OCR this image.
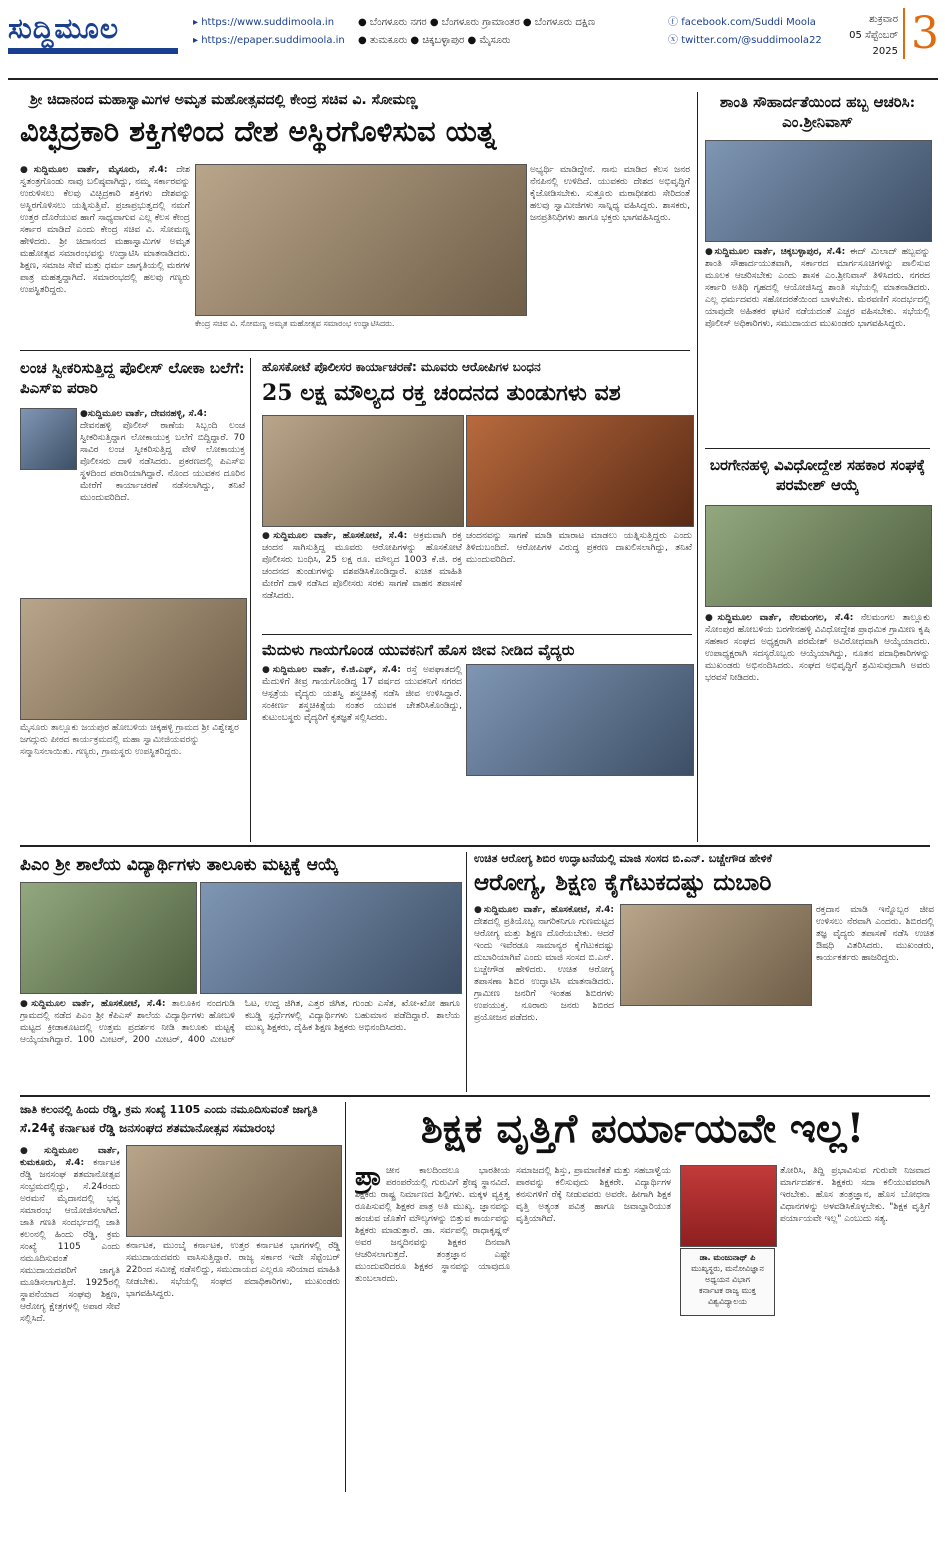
ಸುದ್ದಿಮೂಲ	▸ https://www.suddimoola.in
▸ https://epaper.suddimoola.in
● ಬೆಂಗಳೂರು ನಗರ ● ಬೆಂಗಳೂರು ಗ್ರಾಮಾಂತರ ● ಬೆಂಗಳೂರು ದಕ್ಷಿಣ
● ತುಮಕೂರು ● ಚಿಕ್ಕಬಳ್ಳಾಪುರ ● ಮೈಸೂರು
ⓕ facebook.com/Suddi Moola
ⓧ twitter.com/@suddimoola22
ಶುಕ್ರವಾರ
05 ಸೆಪ್ಟೆಂಬರ್ 2025 3
ಶ್ರೀ ಚಿದಾನಂದ ಮಹಾಸ್ವಾಮಿಗಳ ಅಮೃತ ಮಹೋತ್ಸವದಲ್ಲಿ ಕೇಂದ್ರ ಸಚಿವ ವಿ. ಸೋಮಣ್ಣ
ವಿಚ್ಛಿದ್ರಕಾರಿ ಶಕ್ತಿಗಳಿಂದ ದೇಶ ಅಸ್ಥಿರಗೊಳಿಸುವ ಯತ್ನ
●ಸುದ್ದಿಮೂಲ ವಾರ್ತೆ, ಮೈಸೂರು, ಸೆ.4: ದೇಶ ಸ್ವತಂತ್ರಗೊಂಡು ನಾವು ಬಲಿಷ್ಠವಾಗಿದ್ದು, ನಮ್ಮ ಸರ್ಕಾರವನ್ನು ಉರುಳಿಸಲು ಕೆಲವು ವಿಚ್ಛಿದ್ರಕಾರಿ ಶಕ್ತಿಗಳು ದೇಶವನ್ನು ಅಸ್ಥಿರಗೊಳಿಸಲು ಯತ್ನಿಸುತ್ತಿವೆ. ಪ್ರಜಾಪ್ರಭುತ್ವದಲ್ಲಿ ನಮಗೆ ಉತ್ತರ ದೊರೆಯುವ ಹಾಗೆ ಸಾಧ್ಯವಾಗುವ ಎಲ್ಲ ಕೆಲಸ ಕೇಂದ್ರ ಸರ್ಕಾರ ಮಾಡಿದೆ ಎಂದು ಕೇಂದ್ರ ಸಚಿವ ವಿ. ಸೋಮಣ್ಣ ಹೇಳಿದರು. ಶ್ರೀ ಚಿದಾನಂದ ಮಹಾಸ್ವಾಮಿಗಳ ಅಮೃತ ಮಹೋತ್ಸವ ಸಮಾರಂಭವನ್ನು ಉದ್ಘಾಟಿಸಿ ಮಾತನಾಡಿದರು. ಶಿಕ್ಷಣ, ಸಮಾಜ ಸೇವೆ ಮತ್ತು ಧರ್ಮ ಜಾಗೃತಿಯಲ್ಲಿ ಮಠಗಳ ಪಾತ್ರ ಮಹತ್ವದ್ದಾಗಿದೆ. ಸಮಾರಂಭದಲ್ಲಿ ಹಲವು ಗಣ್ಯರು ಉಪಸ್ಥಿತರಿದ್ದರು.
ಕೇಂದ್ರ ಸಚಿವ ವಿ. ಸೋಮಣ್ಣ ಅಮೃತ ಮಹೋತ್ಸವ ಸಮಾರಂಭ ಉದ್ಘಾಟಿಸಿದರು.
ಅಭ್ಯರ್ಥಿ ಮಾಡಿದ್ದೇನೆ. ನಾನು ಮಾಡಿದ ಕೆಲಸ ಜನರ ನೆನಪಿನಲ್ಲಿ ಉಳಿದಿದೆ. ಯುವಕರು ದೇಶದ ಅಭಿವೃದ್ಧಿಗೆ ಕೈಜೋಡಿಸಬೇಕು. ಸುತ್ತೂರು ಮಠಾಧೀಶರು ಸೇರಿದಂತೆ ಹಲವು ಸ್ವಾಮೀಜಿಗಳು ಸಾನ್ನಿಧ್ಯ ವಹಿಸಿದ್ದರು. ಶಾಸಕರು, ಜನಪ್ರತಿನಿಧಿಗಳು ಹಾಗೂ ಭಕ್ತರು ಭಾಗವಹಿಸಿದ್ದರು.
ಶಾಂತಿ ಸೌಹಾರ್ದತೆಯಿಂದ ಹಬ್ಬ ಆಚರಿಸಿ: ಎಂ.ಶ್ರೀನಿವಾಸ್
●ಸುದ್ದಿಮೂಲ ವಾರ್ತೆ, ಚಿಕ್ಕಬಳ್ಳಾಪುರ, ಸೆ.4: ಈದ್ ಮಿಲಾದ್ ಹಬ್ಬವನ್ನು ಶಾಂತಿ ಸೌಹಾರ್ದಯುತವಾಗಿ, ಸರ್ಕಾರದ ಮಾರ್ಗಸೂಚಿಗಳನ್ನು ಪಾಲಿಸುವ ಮೂಲಕ ಆಚರಿಸಬೇಕು ಎಂದು ಶಾಸಕ ಎಂ.ಶ್ರೀನಿವಾಸ್ ತಿಳಿಸಿದರು. ನಗರದ ಸರ್ಕಾರಿ ಅತಿಥಿ ಗೃಹದಲ್ಲಿ ಆಯೋಜಿಸಿದ್ದ ಶಾಂತಿ ಸಭೆಯಲ್ಲಿ ಮಾತನಾಡಿದರು. ಎಲ್ಲ ಧರ್ಮದವರು ಸಹೋದರತೆಯಿಂದ ಬಾಳಬೇಕು. ಮೆರವಣಿಗೆ ಸಂದರ್ಭದಲ್ಲಿ ಯಾವುದೇ ಅಹಿತಕರ ಘಟನೆ ನಡೆಯದಂತೆ ಎಚ್ಚರ ವಹಿಸಬೇಕು. ಸಭೆಯಲ್ಲಿ ಪೊಲೀಸ್ ಅಧಿಕಾರಿಗಳು, ಸಮುದಾಯದ ಮುಖಂಡರು ಭಾಗವಹಿಸಿದ್ದರು.
ಬರಗೇನಹಳ್ಳಿ ವಿವಿಧೋದ್ದೇಶ ಸಹಕಾರ ಸಂಘಕ್ಕೆ ಪರಮೇಶ್ ಆಯ್ಕೆ
●ಸುದ್ದಿಮೂಲ ವಾರ್ತೆ, ನೆಲಮಂಗಲ, ಸೆ.4: ನೆಲಮಂಗಲ ತಾಲ್ಲೂಕು ಸೋಂಪುರ ಹೋಬಳಿಯ ಬರಗೇನಹಳ್ಳಿ ವಿವಿಧೋದ್ದೇಶ ಪ್ರಾಥಮಿಕ ಗ್ರಾಮೀಣ ಕೃಷಿ ಸಹಕಾರ ಸಂಘದ ಅಧ್ಯಕ್ಷರಾಗಿ ಪರಮೇಶ್ ಅವಿರೋಧವಾಗಿ ಆಯ್ಕೆಯಾದರು. ಉಪಾಧ್ಯಕ್ಷರಾಗಿ ಸದಸ್ಯರೊಬ್ಬರು ಆಯ್ಕೆಯಾಗಿದ್ದು, ನೂತನ ಪದಾಧಿಕಾರಿಗಳನ್ನು ಮುಖಂಡರು ಅಭಿನಂದಿಸಿದರು. ಸಂಘದ ಅಭಿವೃದ್ಧಿಗೆ ಶ್ರಮಿಸುವುದಾಗಿ ಅವರು ಭರವಸೆ ನೀಡಿದರು.
ಲಂಚ ಸ್ವೀಕರಿಸುತ್ತಿದ್ದ ಪೊಲೀಸ್ ಲೋಕಾ ಬಲೆಗೆ: ಪಿಎಸ್‌ಐ ಪರಾರಿ
●ಸುದ್ದಿಮೂಲ ವಾರ್ತೆ, ದೇವನಹಳ್ಳಿ, ಸೆ.4:
ದೇವನಹಳ್ಳಿ ಪೊಲೀಸ್ ಠಾಣೆಯ ಸಿಬ್ಬಂದಿ ಲಂಚ ಸ್ವೀಕರಿಸುತ್ತಿದ್ದಾಗ ಲೋಕಾಯುಕ್ತ ಬಲೆಗೆ ಬಿದ್ದಿದ್ದಾರೆ. 70 ಸಾವಿರ ಲಂಚ ಸ್ವೀಕರಿಸುತ್ತಿದ್ದ ವೇಳೆ ಲೋಕಾಯುಕ್ತ ಪೊಲೀಸರು ದಾಳಿ ನಡೆಸಿದರು. ಪ್ರಕರಣದಲ್ಲಿ ಪಿಎಸ್‌ಐ ಸ್ಥಳದಿಂದ ಪರಾರಿಯಾಗಿದ್ದಾರೆ. ನೊಂದ ಯುವಕನ ದೂರಿನ ಮೇರೆಗೆ ಕಾರ್ಯಾಚರಣೆ ನಡೆಸಲಾಗಿದ್ದು, ತನಿಖೆ ಮುಂದುವರಿದಿದೆ.
ಮೈಸೂರು ತಾಲ್ಲೂಕು ಜಯಪುರ ಹೋಬಳಿಯ ಚಿಕ್ಕಹಳ್ಳಿ ಗ್ರಾಮದ ಶ್ರೀ ವಿಶ್ವೇಶ್ವರ ಜಗದ್ಗುರು ಪೀಠದ ಕಾರ್ಯಕ್ರಮದಲ್ಲಿ ಮಹಾ ಸ್ವಾಮೀಜಿಯವರನ್ನು ಸನ್ಮಾನಿಸಲಾಯಿತು. ಗಣ್ಯರು, ಗ್ರಾಮಸ್ಥರು ಉಪಸ್ಥಿತರಿದ್ದರು.
ಹೊಸಕೋಟೆ ಪೊಲೀಸರ ಕಾರ್ಯಾಚರಣೆ: ಮೂವರು ಆರೋಪಿಗಳ ಬಂಧನ
25 ಲಕ್ಷ ಮೌಲ್ಯದ ರಕ್ತ ಚಂದನದ ತುಂಡುಗಳು ವಶ
●ಸುದ್ದಿಮೂಲ ವಾರ್ತೆ, ಹೊಸಕೋಟೆ, ಸೆ.4: ಅಕ್ರಮವಾಗಿ ರಕ್ತ ಚಂದನ ಸಾಗಿಸುತ್ತಿದ್ದ ಮೂವರು ಆರೋಪಿಗಳನ್ನು ಹೊಸಕೋಟೆ ಪೊಲೀಸರು ಬಂಧಿಸಿ, 25 ಲಕ್ಷ ರೂ. ಮೌಲ್ಯದ 1003 ಕೆ.ಜಿ. ರಕ್ತ ಚಂದನದ ತುಂಡುಗಳನ್ನು ವಶಪಡಿಸಿಕೊಂಡಿದ್ದಾರೆ. ಖಚಿತ ಮಾಹಿತಿ ಮೇರೆಗೆ ದಾಳಿ ನಡೆಸಿದ ಪೊಲೀಸರು ಸರಕು ಸಾಗಣೆ ವಾಹನ ತಪಾಸಣೆ ನಡೆಸಿದರು.
ಚಂದನವನ್ನು ಸಾಗಣೆ ಮಾಡಿ ಮಾರಾಟ ಮಾಡಲು ಯತ್ನಿಸುತ್ತಿದ್ದರು ಎಂದು ತಿಳಿದುಬಂದಿದೆ. ಆರೋಪಿಗಳ ವಿರುದ್ಧ ಪ್ರಕರಣ ದಾಖಲಿಸಲಾಗಿದ್ದು, ತನಿಖೆ ಮುಂದುವರಿದಿದೆ.
ಮೆದುಳು ಗಾಯಗೊಂಡ ಯುವಕನಿಗೆ ಹೊಸ ಜೀವ ನೀಡಿದ ವೈದ್ಯರು
●ಸುದ್ದಿಮೂಲ ವಾರ್ತೆ, ಕೆ.ಜಿ.ಎಫ್, ಸೆ.4: ರಸ್ತೆ ಅಪಘಾತದಲ್ಲಿ ಮೆದುಳಿಗೆ ತೀವ್ರ ಗಾಯಗೊಂಡಿದ್ದ 17 ವರ್ಷದ ಯುವಕನಿಗೆ ನಗರದ ಆಸ್ಪತ್ರೆಯ ವೈದ್ಯರು ಯಶಸ್ವಿ ಶಸ್ತ್ರಚಿಕಿತ್ಸೆ ನಡೆಸಿ ಜೀವ ಉಳಿಸಿದ್ದಾರೆ. ಸಂಕೀರ್ಣ ಶಸ್ತ್ರಚಿಕಿತ್ಸೆಯ ನಂತರ ಯುವಕ ಚೇತರಿಸಿಕೊಂಡಿದ್ದು, ಕುಟುಂಬಸ್ಥರು ವೈದ್ಯರಿಗೆ ಕೃತಜ್ಞತೆ ಸಲ್ಲಿಸಿದರು.
ಪಿಎಂ ಶ್ರೀ ಶಾಲೆಯ ವಿದ್ಯಾರ್ಥಿಗಳು ತಾಲೂಕು ಮಟ್ಟಕ್ಕೆ ಆಯ್ಕೆ
●ಸುದ್ದಿಮೂಲ ವಾರ್ತೆ, ಹೊಸಕೋಟೆ, ಸೆ.4: ತಾಲೂಕಿನ ನಂದಗುಡಿ ಗ್ರಾಮದಲ್ಲಿ ನಡೆದ ಪಿಎಂ ಶ್ರೀ ಕೆಪಿಎಸ್ ಶಾಲೆಯ ವಿದ್ಯಾರ್ಥಿಗಳು ಹೋಬಳಿ ಮಟ್ಟದ ಕ್ರೀಡಾಕೂಟದಲ್ಲಿ ಉತ್ತಮ ಪ್ರದರ್ಶನ ನೀಡಿ ತಾಲೂಕು ಮಟ್ಟಕ್ಕೆ ಆಯ್ಕೆಯಾಗಿದ್ದಾರೆ. 100 ಮೀಟರ್, 200 ಮೀಟರ್, 400 ಮೀಟರ್ ಓಟ, ಉದ್ದ ಜಿಗಿತ, ಎತ್ತರ ಜಿಗಿತ, ಗುಂಡು ಎಸೆತ, ಖೋ-ಖೋ ಹಾಗೂ ಕಬಡ್ಡಿ ಸ್ಪರ್ಧೆಗಳಲ್ಲಿ ವಿದ್ಯಾರ್ಥಿಗಳು ಬಹುಮಾನ ಪಡೆದಿದ್ದಾರೆ. ಶಾಲೆಯ ಮುಖ್ಯ ಶಿಕ್ಷಕರು, ದೈಹಿಕ ಶಿಕ್ಷಣ ಶಿಕ್ಷಕರು ಅಭಿನಂದಿಸಿದರು.
ಉಚಿತ ಆರೋಗ್ಯ ಶಿಬಿರ ಉದ್ಘಾಟನೆಯಲ್ಲಿ ಮಾಜಿ ಸಂಸದ ಬಿ.ಎನ್. ಬಚ್ಚೇಗೌಡ ಹೇಳಿಕೆ
ಆರೋಗ್ಯ, ಶಿಕ್ಷಣ ಕೈಗೆಟುಕದಷ್ಟು ದುಬಾರಿ
●ಸುದ್ದಿಮೂಲ ವಾರ್ತೆ, ಹೊಸಕೋಟೆ, ಸೆ.4: ದೇಶದಲ್ಲಿ ಪ್ರತಿಯೊಬ್ಬ ನಾಗರಿಕನಿಗೂ ಗುಣಮಟ್ಟದ ಆರೋಗ್ಯ ಮತ್ತು ಶಿಕ್ಷಣ ದೊರೆಯಬೇಕು. ಆದರೆ ಇಂದು ಇವೆರಡೂ ಸಾಮಾನ್ಯರ ಕೈಗೆಟುಕದಷ್ಟು ದುಬಾರಿಯಾಗಿವೆ ಎಂದು ಮಾಜಿ ಸಂಸದ ಬಿ.ಎನ್. ಬಚ್ಚೇಗೌಡ ಹೇಳಿದರು. ಉಚಿತ ಆರೋಗ್ಯ ತಪಾಸಣಾ ಶಿಬಿರ ಉದ್ಘಾಟಿಸಿ ಮಾತನಾಡಿದರು. ಗ್ರಾಮೀಣ ಜನರಿಗೆ ಇಂತಹ ಶಿಬಿರಗಳು ಉಪಯುಕ್ತ. ನೂರಾರು ಜನರು ಶಿಬಿರದ ಪ್ರಯೋಜನ ಪಡೆದರು.
ರಕ್ತದಾನ ಮಾಡಿ ಇನ್ನೊಬ್ಬರ ಜೀವ ಉಳಿಸಲು ನೆರವಾಗಿ ಎಂದರು. ಶಿಬಿರದಲ್ಲಿ ತಜ್ಞ ವೈದ್ಯರು ತಪಾಸಣೆ ನಡೆಸಿ ಉಚಿತ ಔಷಧಿ ವಿತರಿಸಿದರು. ಮುಖಂಡರು, ಕಾರ್ಯಕರ್ತರು ಹಾಜರಿದ್ದರು.
ಜಾತಿ ಕಲಂನಲ್ಲಿ ಹಿಂದು ರೆಡ್ಡಿ, ಕ್ರಮ ಸಂಖ್ಯೆ 1105 ಎಂದು ನಮೂದಿಸುವಂತೆ ಜಾಗೃತಿ
ಸೆ.24ಕ್ಕೆ ಕರ್ನಾಟಕ ರೆಡ್ಡಿ ಜನಸಂಘದ ಶತಮಾನೋತ್ಸವ ಸಮಾರಂಭ
●ಸುದ್ದಿಮೂಲ ವಾರ್ತೆ, ಕುಮಕೂರು, ಸೆ.4: ಕರ್ನಾಟಕ ರೆಡ್ಡಿ ಜನಸಂಘ ಶತಮಾನೋತ್ಸವ ಸಂಭ್ರಮದಲ್ಲಿದ್ದು, ಸೆ.24ರಂದು ಅರಮನೆ ಮೈದಾನದಲ್ಲಿ ಭವ್ಯ ಸಮಾರಂಭ ಆಯೋಜಿಸಲಾಗಿದೆ. ಜಾತಿ ಗಣತಿ ಸಂದರ್ಭದಲ್ಲಿ ಜಾತಿ ಕಲಂನಲ್ಲಿ ಹಿಂದು ರೆಡ್ಡಿ, ಕ್ರಮ ಸಂಖ್ಯೆ 1105 ಎಂದು ನಮೂದಿಸುವಂತೆ ಸಮುದಾಯದವರಿಗೆ ಜಾಗೃತಿ ಮೂಡಿಸಲಾಗುತ್ತಿದೆ. 1925ರಲ್ಲಿ ಸ್ಥಾಪನೆಯಾದ ಸಂಘವು ಶಿಕ್ಷಣ, ಆರೋಗ್ಯ ಕ್ಷೇತ್ರಗಳಲ್ಲಿ ಅಪಾರ ಸೇವೆ ಸಲ್ಲಿಸಿದೆ.
ಕರ್ನಾಟಕ, ಮುಂಬೈ ಕರ್ನಾಟಕ, ಉತ್ತರ ಕರ್ನಾಟಕ ಭಾಗಗಳಲ್ಲಿ ರೆಡ್ಡಿ ಸಮುದಾಯದವರು ವಾಸಿಸುತ್ತಿದ್ದಾರೆ. ರಾಜ್ಯ ಸರ್ಕಾರ ಇದೇ ಸೆಪ್ಟೆಂಬರ್ 22ರಿಂದ ಸಮೀಕ್ಷೆ ನಡೆಸಲಿದ್ದು, ಸಮುದಾಯದ ಎಲ್ಲರೂ ಸರಿಯಾದ ಮಾಹಿತಿ ನೀಡಬೇಕು. ಸಭೆಯಲ್ಲಿ ಸಂಘದ ಪದಾಧಿಕಾರಿಗಳು, ಮುಖಂಡರು ಭಾಗವಹಿಸಿದ್ದರು.
ಶಿಕ್ಷಕ ವೃತ್ತಿಗೆ ಪರ್ಯಾಯವೇ ಇಲ್ಲ!
ಪ್ರಾ ಚೀನ ಕಾಲದಿಂದಲೂ ಭಾರತೀಯ ಪರಂಪರೆಯಲ್ಲಿ ಗುರುವಿಗೆ ಶ್ರೇಷ್ಠ ಸ್ಥಾನವಿದೆ. ಶಿಕ್ಷಕರು ರಾಷ್ಟ್ರ ನಿರ್ಮಾಣದ ಶಿಲ್ಪಿಗಳು. ಮಕ್ಕಳ ವ್ಯಕ್ತಿತ್ವ ರೂಪಿಸುವಲ್ಲಿ ಶಿಕ್ಷಕರ ಪಾತ್ರ ಅತಿ ಮುಖ್ಯ. ಜ್ಞಾನವನ್ನು ಹಂಚುವ ಜೊತೆಗೆ ಮೌಲ್ಯಗಳನ್ನು ಬಿತ್ತುವ ಕಾರ್ಯವನ್ನು ಶಿಕ್ಷಕರು ಮಾಡುತ್ತಾರೆ. ಡಾ. ಸರ್ವಪಲ್ಲಿ ರಾಧಾಕೃಷ್ಣನ್ ಅವರ ಜನ್ಮದಿನವನ್ನು ಶಿಕ್ಷಕರ ದಿನವಾಗಿ ಆಚರಿಸಲಾಗುತ್ತದೆ. ತಂತ್ರಜ್ಞಾನ ಎಷ್ಟೇ ಮುಂದುವರಿದರೂ ಶಿಕ್ಷಕರ ಸ್ಥಾನವನ್ನು ಯಾವುದೂ ತುಂಬಲಾರದು.
ಸಮಾಜದಲ್ಲಿ ಶಿಸ್ತು, ಪ್ರಾಮಾಣಿಕತೆ ಮತ್ತು ಸಹಬಾಳ್ವೆಯ ಪಾಠವನ್ನು ಕಲಿಸುವುದು ಶಿಕ್ಷಕರೇ. ವಿದ್ಯಾರ್ಥಿಗಳ ಕನಸುಗಳಿಗೆ ರೆಕ್ಕೆ ನೀಡುವವರು ಅವರೇ. ಹೀಗಾಗಿ ಶಿಕ್ಷಕ ವೃತ್ತಿ ಅತ್ಯಂತ ಪವಿತ್ರ ಹಾಗೂ ಜವಾಬ್ದಾರಿಯುತ ವೃತ್ತಿಯಾಗಿದೆ.
ಡಾ. ಮಂಜುನಾಥ್ ಪಿ
ಮುಖ್ಯಸ್ಥರು, ಮನೋವಿಜ್ಞಾನ
ಅಧ್ಯಯನ ವಿಭಾಗ
ಕರ್ನಾಟಕ ರಾಜ್ಯ ಮುಕ್ತ ವಿಶ್ವವಿದ್ಯಾಲಯ
ತೋರಿಸಿ, ತಿದ್ದಿ ಪ್ರಭಾವಿಸುವ ಗುರುವೇ ನಿಜವಾದ ಮಾರ್ಗದರ್ಶಕ. ಶಿಕ್ಷಕರು ಸದಾ ಕಲಿಯುವವರಾಗಿ ಇರಬೇಕು. ಹೊಸ ತಂತ್ರಜ್ಞಾನ, ಹೊಸ ಬೋಧನಾ ವಿಧಾನಗಳನ್ನು ಅಳವಡಿಸಿಕೊಳ್ಳಬೇಕು. "ಶಿಕ್ಷಕ ವೃತ್ತಿಗೆ ಪರ್ಯಾಯವೇ ಇಲ್ಲ" ಎಂಬುದು ಸತ್ಯ.
